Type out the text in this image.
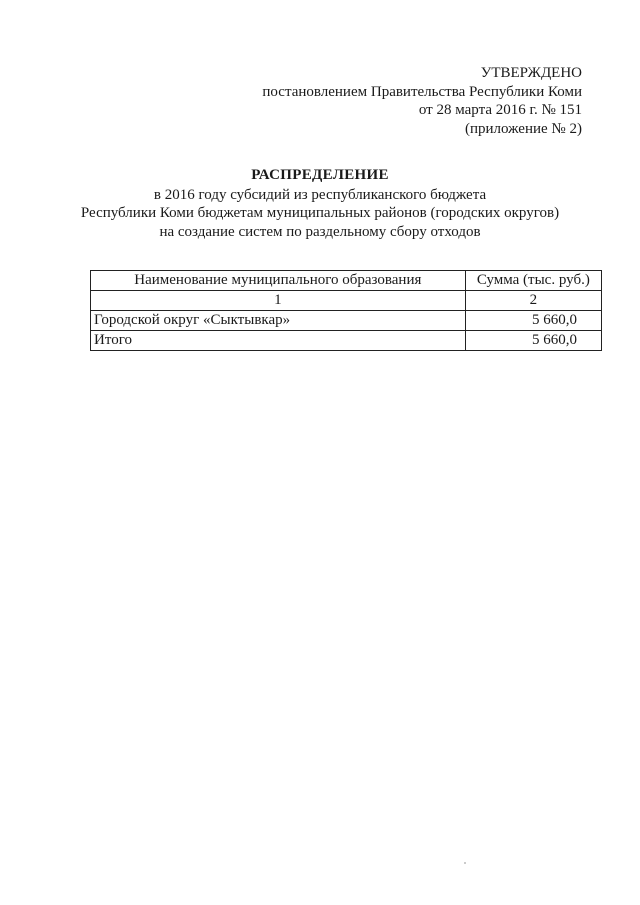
УТВЕРЖДЕНО
постановлением Правительства Республики Коми
от 28 марта 2016 г. № 151
(приложение № 2)
РАСПРЕДЕЛЕНИЕ
в 2016 году субсидий из республиканского бюджета
Республики Коми бюджетам муниципальных районов (городских округов)
на создание систем по раздельному сбору отходов
Наименование муниципального образования	Сумма (тыс. руб.)
1	2
Городской округ «Сыктывкар»	5 660,0
Итого	5 660,0
